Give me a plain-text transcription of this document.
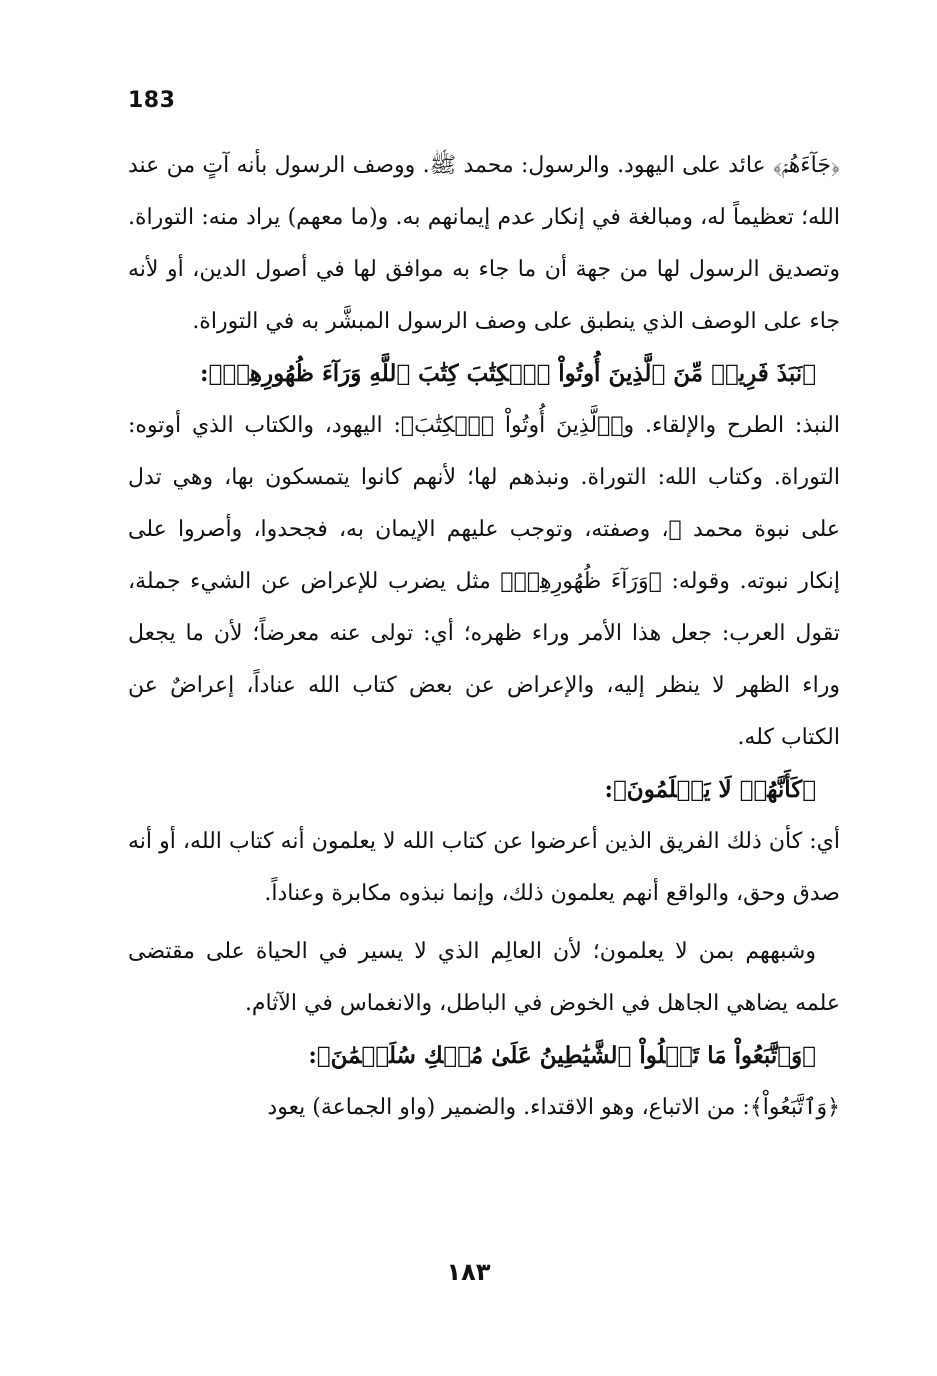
183

﴿جَآءَهُمۡ﴾ عائد على اليهود. والرسول: محمد ﷺ. ووصف الرسول بأنه آتٍ من عند الله؛ تعظيماً له، ومبالغة في إنكار عدم إيمانهم به. و(ما معهم) يراد منه: التوراة. وتصديق الرسول لها من جهة أن ما جاء به موافق لها في أصول الدين، أو لأنه جاء على الوصف الذي ينطبق على وصف الرسول المبشَّر به في التوراة.

﴿نَبَذَ فَرِيقٞ مِّنَ ٱلَّذِينَ أُوتُواْ ٱلۡكِتَٰبَ كِتَٰبَ ٱللَّهِ وَرَآءَ ظُهُورِهِمۡ﴾:

النبذ: الطرح والإلقاء. و﴿ٱلَّذِينَ أُوتُواْ ٱلۡكِتَٰبَ﴾: اليهود، والكتاب الذي أوتوه: التوراة. وكتاب الله: التوراة. ونبذهم لها؛ لأنهم كانوا يتمسكون بها، وهي تدل على نبوة محمد ﷺ، وصفته، وتوجب عليهم الإيمان به، فجحدوا، وأصروا على إنكار نبوته. وقوله: ﴿وَرَآءَ ظُهُورِهِمۡ﴾ مثل يضرب للإعراض عن الشيء جملة، تقول العرب: جعل هذا الأمر وراء ظهره؛ أي: تولى عنه معرضاً؛ لأن ما يجعل وراء الظهر لا ينظر إليه، والإعراض عن بعض كتاب الله عناداً، إعراضٌ عن الكتاب كله.

﴿كَأَنَّهُمۡ لَا يَعۡلَمُونَ﴾:

أي: كأن ذلك الفريق الذين أعرضوا عن كتاب الله لا يعلمون أنه كتاب الله، أو أنه صدق وحق، والواقع أنهم يعلمون ذلك، وإنما نبذوه مكابرة وعناداً.

وشبههم بمن لا يعلمون؛ لأن العالِم الذي لا يسير في الحياة على مقتضى علمه يضاهي الجاهل في الخوض في الباطل، والانغماس في الآثام.

﴿وَٱتَّبَعُواْ مَا تَتۡلُواْ ٱلشَّيَٰطِينُ عَلَىٰ مُلۡكِ سُلَيۡمَٰنَ﴾:

﴿وَٱتَّبَعُواْ﴾: من الاتباع، وهو الاقتداء. والضمير (واو الجماعة) يعود

١٨٣
